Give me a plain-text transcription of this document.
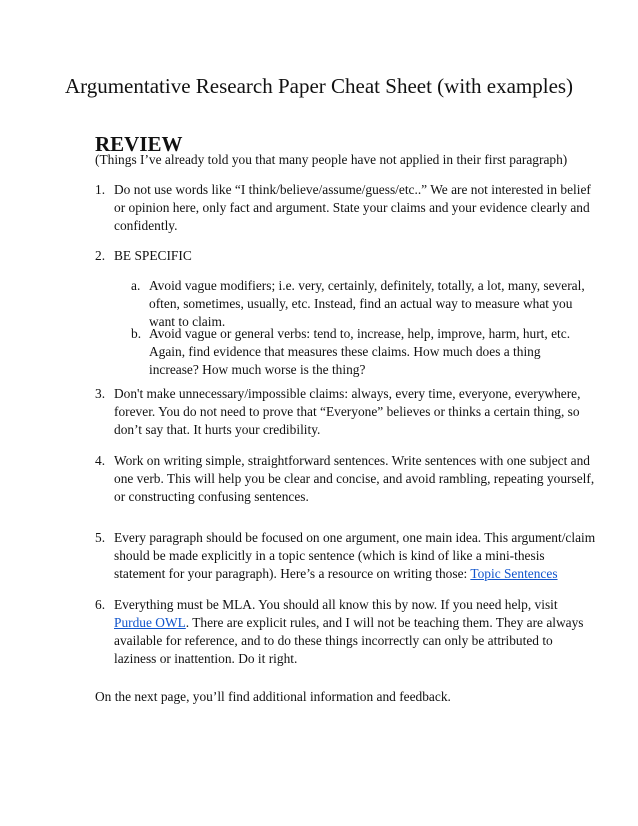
Argumentative Research Paper Cheat Sheet (with examples)
REVIEW
(Things I’ve already told you that many people have not applied in their first paragraph)
1. Do not use words like “I think/believe/assume/guess/etc..” We are not interested in belief
or opinion here, only fact and argument. State your claims and your evidence clearly and
confidently.
2. BE SPECIFIC
a. Avoid vague modifiers; i.e. very, certainly, definitely, totally, a lot, many, several,
often, sometimes, usually, etc. Instead, find an actual way to measure what you
want to claim.
b. Avoid vague or general verbs: tend to, increase, help, improve, harm, hurt, etc.
Again, find evidence that measures these claims. How much does a thing
increase? How much worse is the thing?
3. Don't make unnecessary/impossible claims: always, every time, everyone, everywhere,
forever. You do not need to prove that “Everyone” believes or thinks a certain thing, so
don’t say that. It hurts your credibility.
4. Work on writing simple, straightforward sentences. Write sentences with one subject and
one verb. This will help you be clear and concise, and avoid rambling, repeating yourself,
or constructing confusing sentences.
5. Every paragraph should be focused on one argument, one main idea. This argument/claim
should be made explicitly in a topic sentence (which is kind of like a mini-thesis
statement for your paragraph). Here’s a resource on writing those: Topic Sentences
6. Everything must be MLA. You should all know this by now. If you need help, visit
Purdue OWL. There are explicit rules, and I will not be teaching them. They are always
available for reference, and to do these things incorrectly can only be attributed to
laziness or inattention. Do it right.
On the next page, you’ll find additional information and feedback.
